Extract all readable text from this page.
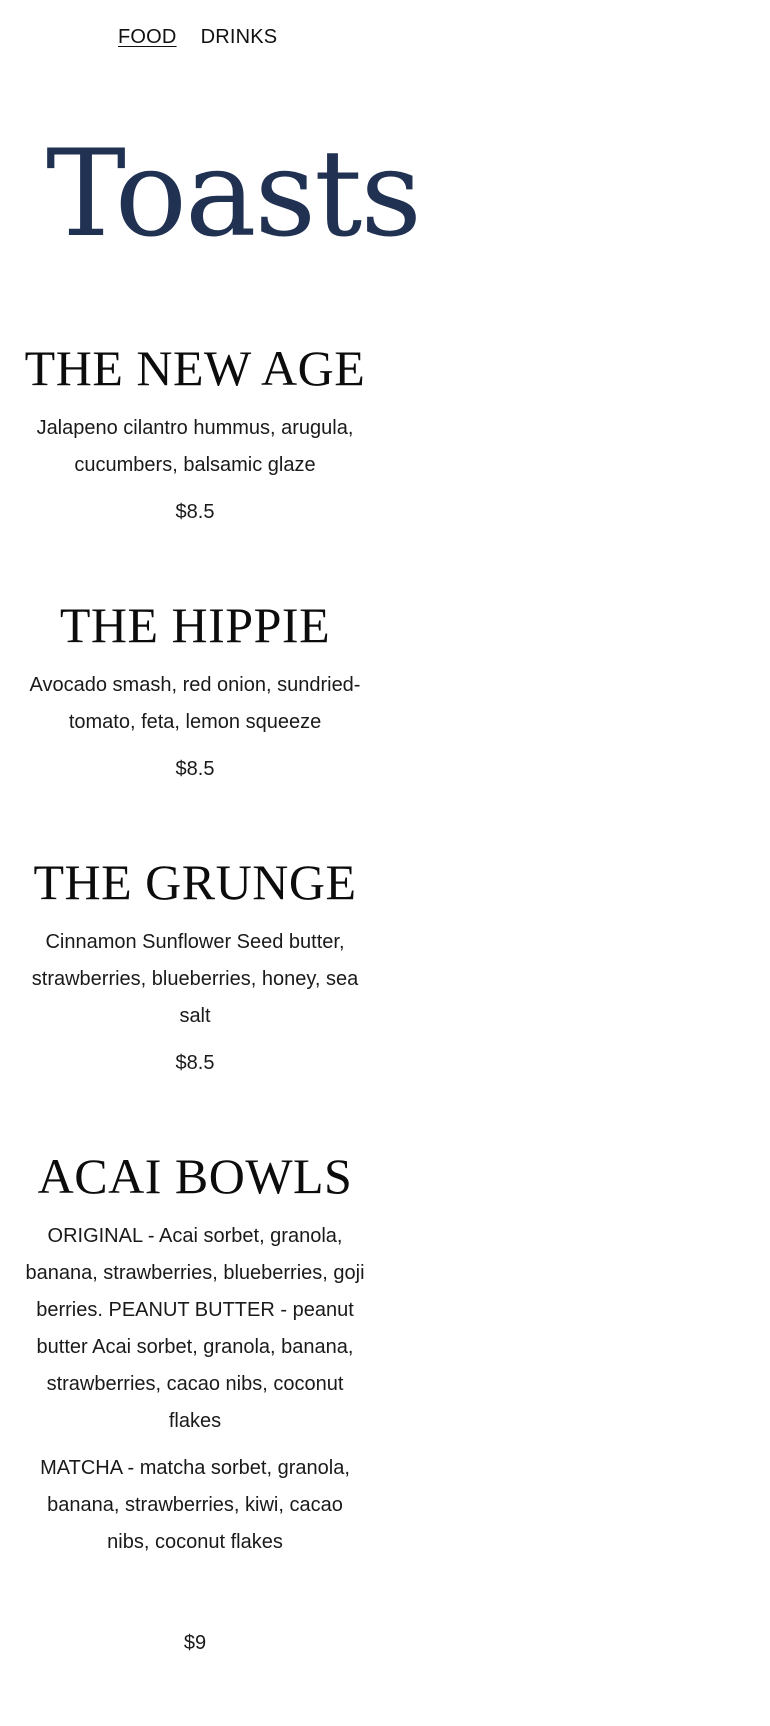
FOOD DRINKS
Toasts
THE NEW AGE

Jalapeno cilantro hummus, arugula, cucumbers, balsamic glaze

$8.5

THE HIPPIE

Avocado smash, red onion, sundried-tomato, feta, lemon squeeze

$8.5

THE GRUNGE

Cinnamon Sunflower Seed butter, strawberries, blueberries, honey, sea salt

$8.5

ACAI BOWLS

ORIGINAL - Acai sorbet, granola, banana, strawberries, blueberries, goji berries. PEANUT BUTTER - peanut butter Acai sorbet, granola, banana, strawberries, cacao nibs, coconut flakes

MATCHA - matcha sorbet, granola, banana, strawberries, kiwi, cacao nibs, coconut flakes

$9
